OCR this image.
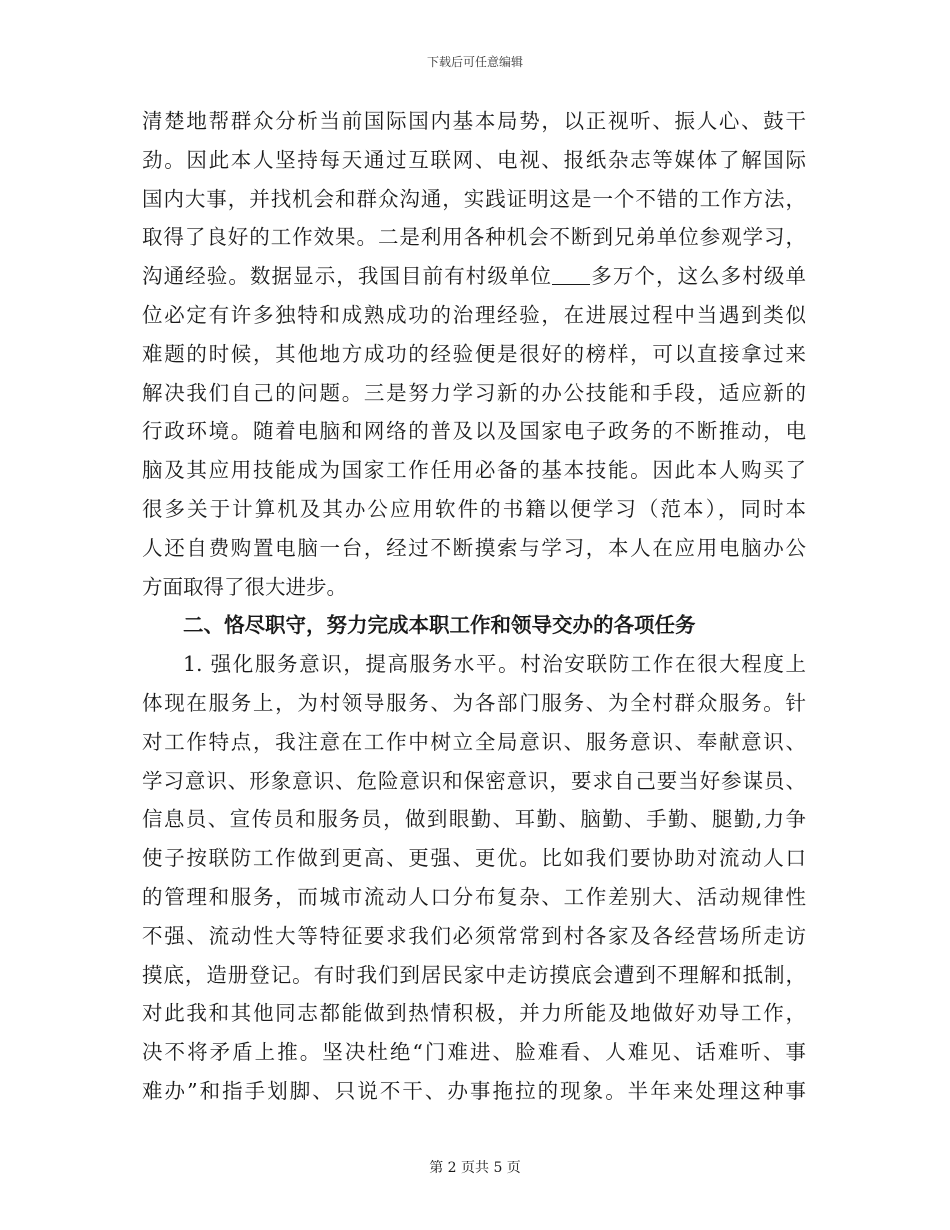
下载后可任意编辑
清楚地帮群众分析当前国际国内基本局势，以正视听、振人心、鼓干
劲。因此本人坚持每天通过互联网、电视、报纸杂志等媒体了解国际
国内大事，并找机会和群众沟通，实践证明这是一个不错的工作方法，
取得了良好的工作效果。二是利用各种机会不断到兄弟单位参观学习，
沟通经验。数据显示，我国目前有村级单位 多万个，这么多村级单
位必定有许多独特和成熟成功的治理经验，在进展过程中当遇到类似
难题的时候，其他地方成功的经验便是很好的榜样，可以直接拿过来
解决我们自己的问题。三是努力学习新的办公技能和手段，适应新的
行政环境。随着电脑和网络的普及以及国家电子政务的不断推动，电
脑及其应用技能成为国家工作任用必备的基本技能。因此本人购买了
很多关于计算机及其办公应用软件的书籍以便学习（范本），同时本
人还自费购置电脑一台，经过不断摸索与学习，本人在应用电脑办公
方面取得了很大进步。
二、恪尽职守，努力完成本职工作和领导交办的各项任务
1. 强化服务意识，提高服务水平。村治安联防工作在很大程度上
体现在服务上，为村领导服务、为各部门服务、为全村群众服务。针
对工作特点，我注意在工作中树立全局意识、服务意识、奉献意识、
学习意识、形象意识、危险意识和保密意识，要求自己要当好参谋员、
信息员、宣传员和服务员，做到眼勤、耳勤、脑勤、手勤、腿勤,力争
使子按联防工作做到更高、更强、更优。比如我们要协助对流动人口
的管理和服务，而城市流动人口分布复杂、工作差别大、活动规律性
不强、流动性大等特征要求我们必须常常到村各家及各经营场所走访
摸底，造册登记。有时我们到居民家中走访摸底会遭到不理解和抵制，
对此我和其他同志都能做到热情积极，并力所能及地做好劝导工作，
决不将矛盾上推。坚决杜绝“门难进、脸难看、人难见、话难听、事
难办”和指手划脚、只说不干、办事拖拉的现象。半年来处理这种事
第 2 页共 5 页
